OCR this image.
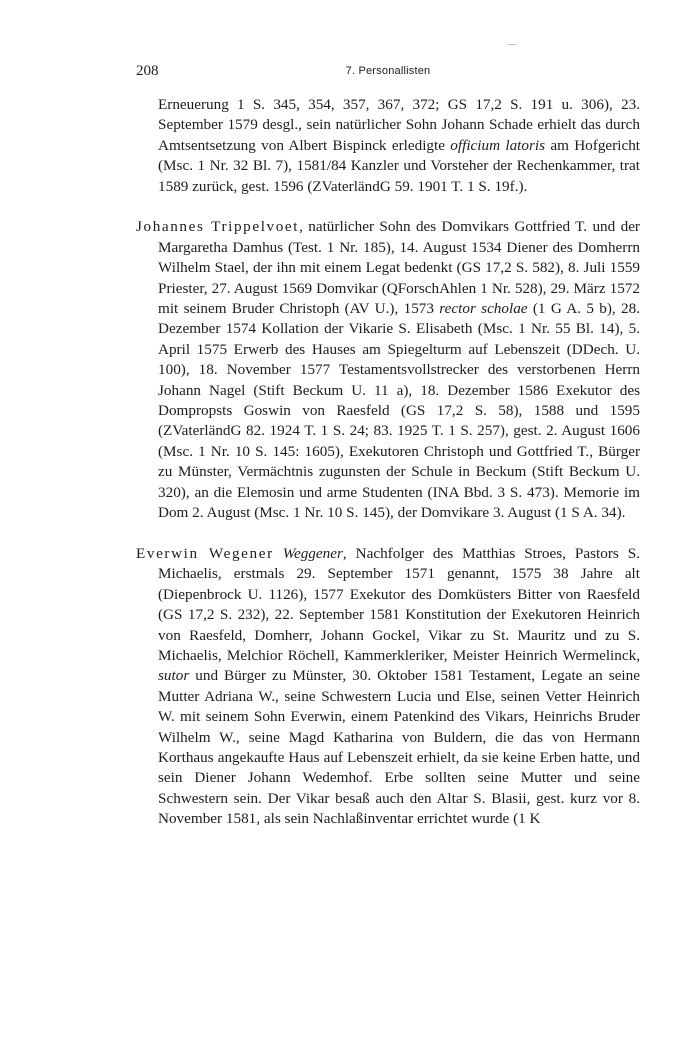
208	7. Personallisten

Erneuerung 1 S. 345, 354, 357, 367, 372; GS 17,2 S. 191 u. 306), 23. September 1579 desgl., sein natürlicher Sohn Johann Schade erhielt das durch Amtsentsetzung von Albert Bispinck erledigte officium latoris am Hofgericht (Msc. 1 Nr. 32 Bl. 7), 1581/84 Kanzler und Vorsteher der Rechenkammer, trat 1589 zurück, gest. 1596 (ZVaterländG 59. 1901 T. 1 S. 19f.).

Johannes Trippelvoet, natürlicher Sohn des Domvikars Gottfried T. und der Margaretha Damhus (Test. 1 Nr. 185), 14. August 1534 Diener des Domherrn Wilhelm Stael, der ihn mit einem Legat bedenkt (GS 17,2 S. 582), 8. Juli 1559 Priester, 27. August 1569 Domvikar (QForschAhlen 1 Nr. 528), 29. März 1572 mit seinem Bruder Christoph (AV U.), 1573 rector scholae (1 G A. 5 b), 28. Dezember 1574 Kollation der Vikarie S. Elisabeth (Msc. 1 Nr. 55 Bl. 14), 5. April 1575 Erwerb des Hauses am Spiegelturm auf Lebenszeit (DDech. U. 100), 18. November 1577 Testamentsvollstrecker des verstorbenen Herrn Johann Nagel (Stift Beckum U. 11 a), 18. Dezember 1586 Exekutor des Dompropsts Goswin von Raesfeld (GS 17,2 S. 58), 1588 und 1595 (ZVaterländG 82. 1924 T. 1 S. 24; 83. 1925 T. 1 S. 257), gest. 2. August 1606 (Msc. 1 Nr. 10 S. 145: 1605), Exekutoren Christoph und Gottfried T., Bürger zu Münster, Vermächtnis zugunsten der Schule in Beckum (Stift Beckum U. 320), an die Elemosin und arme Studenten (INA Bbd. 3 S. 473). Memorie im Dom 2. August (Msc. 1 Nr. 10 S. 145), der Domvikare 3. August (1 S A. 34).

Everwin Wegener Weggener, Nachfolger des Matthias Stroes, Pastors S. Michaelis, erstmals 29. September 1571 genannt, 1575 38 Jahre alt (Diepenbrock U. 1126), 1577 Exekutor des Domküsters Bitter von Raesfeld (GS 17,2 S. 232), 22. September 1581 Konstitution der Exekutoren Heinrich von Raesfeld, Domherr, Johann Gockel, Vikar zu St. Mauritz und zu S. Michaelis, Melchior Röchell, Kammerkleriker, Meister Heinrich Wermelinck, sutor und Bürger zu Münster, 30. Oktober 1581 Testament, Legate an seine Mutter Adriana W., seine Schwestern Lucia und Else, seinen Vetter Heinrich W. mit seinem Sohn Everwin, einem Patenkind des Vikars, Heinrichs Bruder Wilhelm W., seine Magd Katharina von Buldern, die das von Hermann Korthaus angekaufte Haus auf Lebenszeit erhielt, da sie keine Erben hatte, und sein Diener Johann Wedemhof. Erbe sollten seine Mutter und seine Schwestern sein. Der Vikar besaß auch den Altar S. Blasii, gest. kurz vor 8. November 1581, als sein Nachlaßinventar errichtet wurde (1 K
